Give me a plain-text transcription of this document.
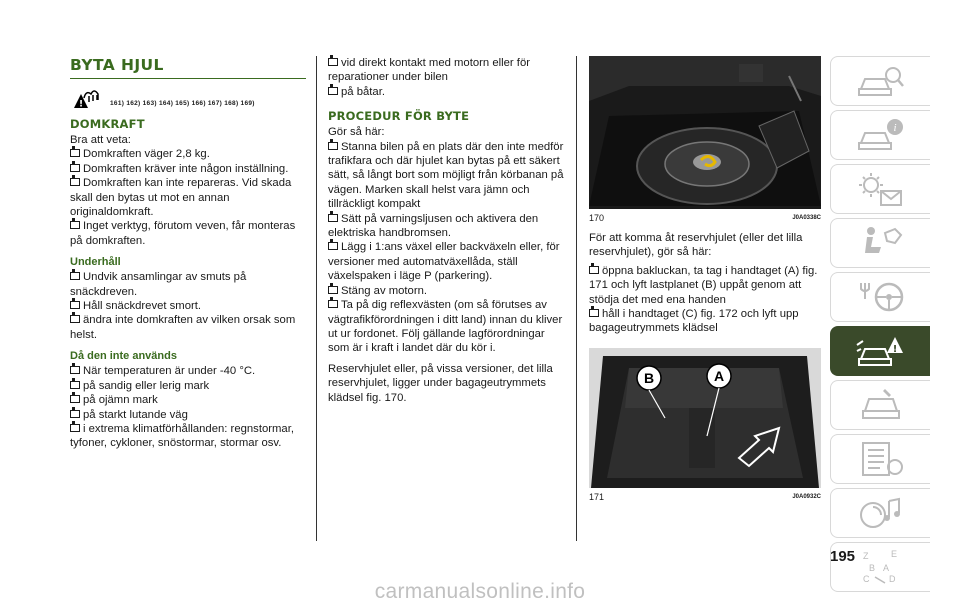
BYTA HJUL
!	161) 162) 163) 164) 165) 166) 167) 168) 169)
DOMKRAFT

Bra att veta:

Domkraften väger 2,8 kg.
Domkraften kräver inte någon inställning.
Domkraften kan inte repareras. Vid skada skall den bytas ut mot en annan originaldomkraft.
Inget verktyg, förutom veven, får monteras på domkraften.
Underhåll
Undvik ansamlingar av smuts på snäckdreven.
Håll snäckdrevet smort.
ändra inte domkraften av vilken orsak som helst.
Då den inte används
När temperaturen är under -40 °C.
på sandig eller lerig mark
på ojämn mark
på starkt lutande väg
i extrema klimatförhållanden: regnstormar, tyfoner, cykloner, snöstormar, stormar osv.
vid direkt kontakt med motorn eller för reparationer under bilen
på båtar.
PROCEDUR FÖR BYTE

Gör så här:

Stanna bilen på en plats där den inte medför trafikfara och där hjulet kan bytas på ett säkert sätt, så långt bort som möjligt från körbanan på vägen. Marken skall helst vara jämn och tillräckligt kompakt
Sätt på varningsljusen och aktivera den elektriska handbromsen.
Lägg i 1:ans växel eller backväxeln eller, för versioner med automatväxellåda, ställ växelspaken i läge P (parkering).
Stäng av motorn.
Ta på dig reflexvästen (om så förutses av vägtrafikförordningen i ditt land) innan du kliver ut ur fordonet. Följ gällande lagförordningar som är i kraft i landet där du kör i.

Reservhjulet eller, på vissa versioner, det lilla reservhjulet, ligger under bagageutrymmets klädsel fig. 170.

170	J0A0338C

För att komma åt reservhjulet (eller det lilla reservhjulet), gör så här:

öppna bakluckan, ta tag i handtaget (A) fig. 171 och lyft lastplanet (B) uppåt genom att stödja det med ena handen
håll i handtaget (C) fig. 172 och lyft upp bagageutrymmets klädsel
B	A
171	J0A0932C
i
!
Z	E
B A
C D
195
carmanualsonline.info
